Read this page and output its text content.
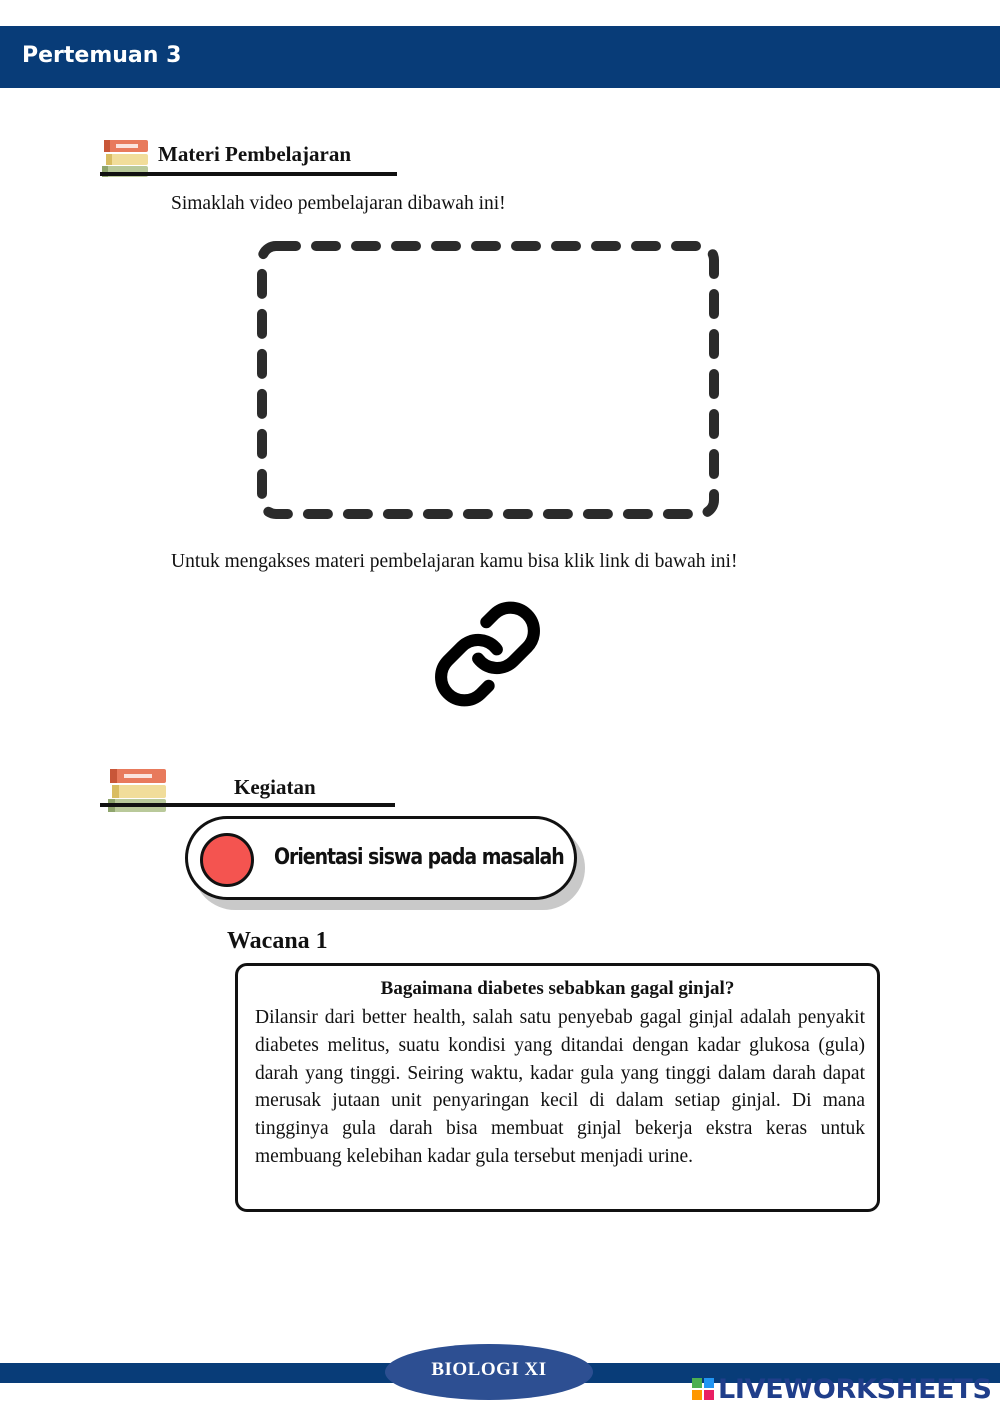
Pertemuan 3
Materi Pembelajaran
Simaklah video pembelajaran dibawah ini!
Untuk mengakses materi pembelajaran kamu bisa klik link di bawah ini!
Kegiatan
Orientasi siswa pada masalah
Wacana 1
Bagaimana diabetes sebabkan gagal ginjal?
Dilansir dari better health, salah satu penyebab gagal ginjal adalah penyakit diabetes melitus, suatu kondisi yang ditandai dengan kadar glukosa (gula) darah yang tinggi. Seiring waktu, kadar gula yang tinggi dalam darah dapat merusak jutaan unit penyaringan kecil di dalam setiap ginjal. Di mana tingginya gula darah bisa membuat ginjal bekerja ekstra keras untuk membuang kelebihan kadar gula tersebut menjadi urine.
BIOLOGI XI
LIVEWORKSHEETS
